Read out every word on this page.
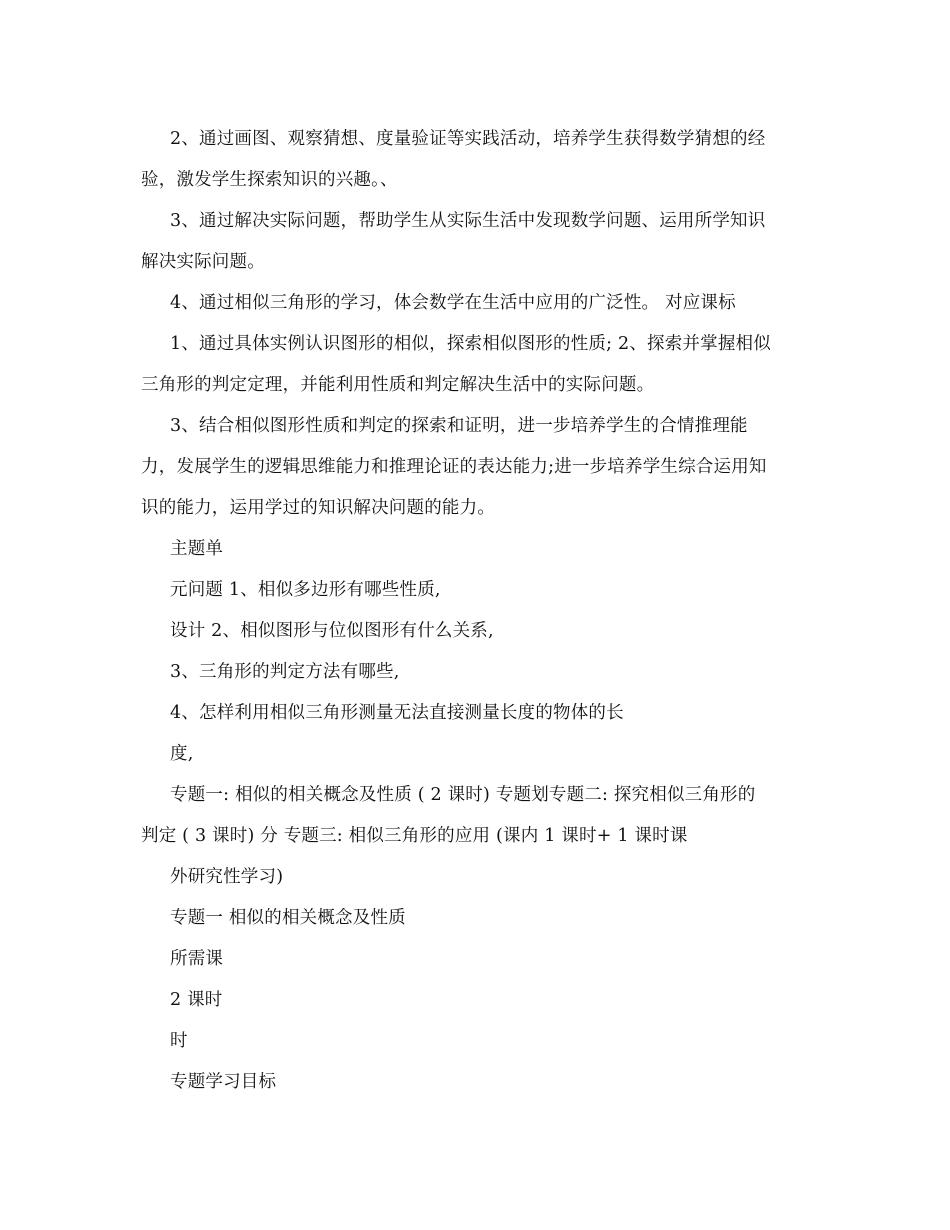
2、通过画图、观察猜想、度量验证等实践活动，培养学生获得数学猜想的经
验，激发学生探索知识的兴趣。、
3、通过解决实际问题，帮助学生从实际生活中发现数学问题、运用所学知识
解决实际问题。
4、通过相似三角形的学习，体会数学在生活中应用的广泛性。 对应课标
1、通过具体实例认识图形的相似，探索相似图形的性质; 2、探索并掌握相似
三角形的判定定理，并能利用性质和判定解决生活中的实际问题。
3、结合相似图形性质和判定的探索和证明，进一步培养学生的合情推理能
力，发展学生的逻辑思维能力和推理论证的表达能力;进一步培养学生综合运用知
识的能力，运用学过的知识解决问题的能力。
主题单
元问题 1、相似多边形有哪些性质,
设计 2、相似图形与位似图形有什么关系,
3、三角形的判定方法有哪些,
4、怎样利用相似三角形测量无法直接测量长度的物体的长
度,
专题一: 相似的相关概念及性质 ( 2 课时) 专题划专题二: 探究相似三角形的
判定 ( 3 课时) 分 专题三: 相似三角形的应用 (课内 1 课时+ 1 课时课
外研究性学习)
专题一 相似的相关概念及性质
所需课
2 课时
时
专题学习目标
